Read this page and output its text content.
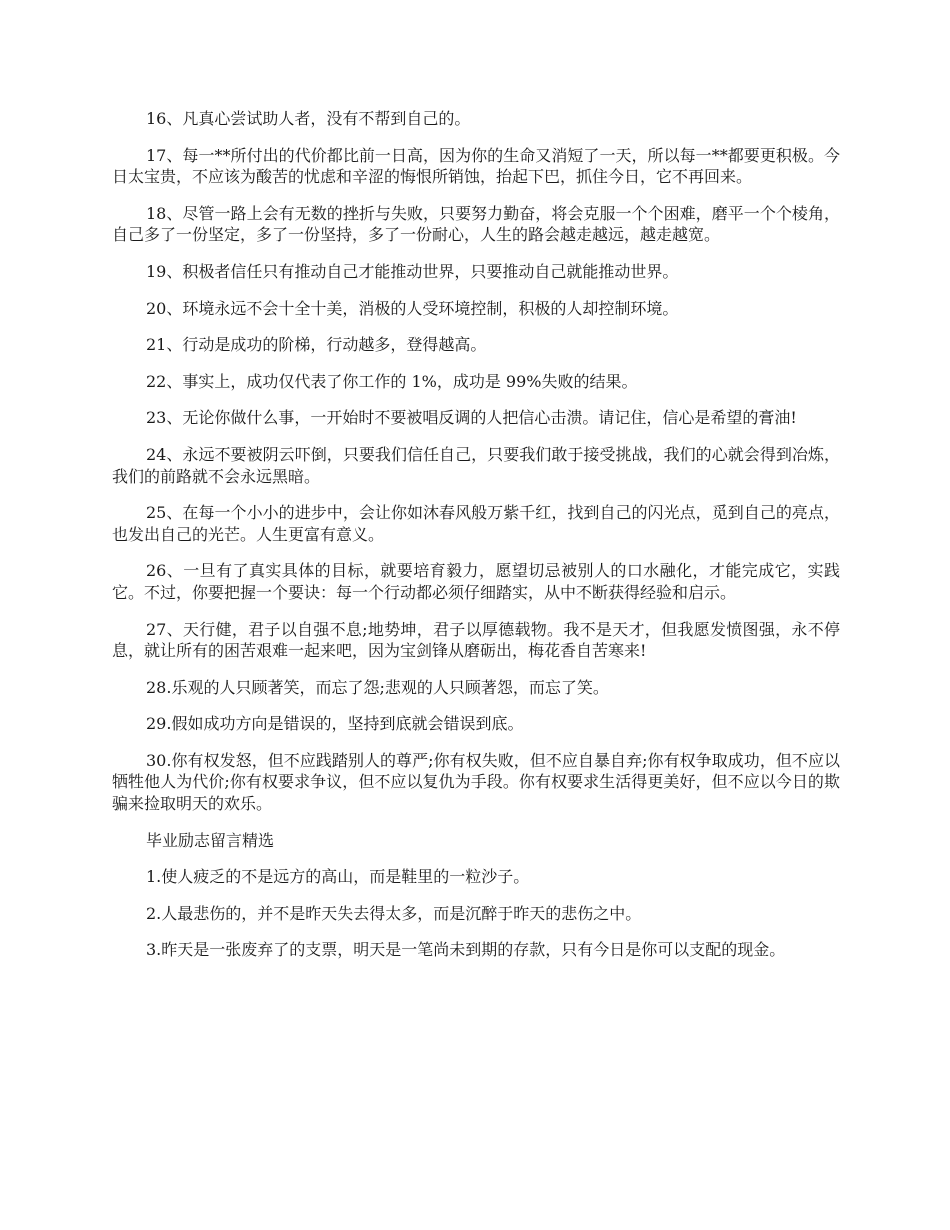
16、凡真心尝试助人者，没有不帮到自己的。

17、每一**所付出的代价都比前一日高，因为你的生命又消短了一天，所以每一**都要更积极。今日太宝贵，不应该为酸苦的忧虑和辛涩的悔恨所销蚀，抬起下巴，抓住今日，它不再回来。

18、尽管一路上会有无数的挫折与失败，只要努力勤奋，将会克服一个个困难，磨平一个个棱角，自己多了一份坚定，多了一份坚持，多了一份耐心，人生的路会越走越远，越走越宽。

19、积极者信任只有推动自己才能推动世界，只要推动自己就能推动世界。

20、环境永远不会十全十美，消极的人受环境控制，积极的人却控制环境。

21、行动是成功的阶梯，行动越多，登得越高。

22、事实上，成功仅代表了你工作的 1%，成功是 99%失败的结果。

23、无论你做什么事，一开始时不要被唱反调的人把信心击溃。请记住，信心是希望的膏油!

24、永远不要被阴云吓倒，只要我们信任自己，只要我们敢于接受挑战，我们的心就会得到冶炼，我们的前路就不会永远黑暗。

25、在每一个小小的进步中，会让你如沐春风般万紫千红，找到自己的闪光点，觅到自己的亮点，也发出自己的光芒。人生更富有意义。

26、一旦有了真实具体的目标，就要培育毅力，愿望切忌被别人的口水融化，才能完成它，实践它。不过，你要把握一个要诀：每一个行动都必须仔细踏实，从中不断获得经验和启示。

27、天行健，君子以自强不息;地势坤，君子以厚德载物。我不是天才，但我愿发愤图强，永不停息，就让所有的困苦艰难一起来吧，因为宝剑锋从磨砺出，梅花香自苦寒来!

28.乐观的人只顾著笑，而忘了怨;悲观的人只顾著怨，而忘了笑。

29.假如成功方向是错误的，坚持到底就会错误到底。

30.你有权发怒，但不应践踏别人的尊严;你有权失败，但不应自暴自弃;你有权争取成功，但不应以牺牲他人为代价;你有权要求争议，但不应以复仇为手段。你有权要求生活得更美好，但不应以今日的欺骗来捡取明天的欢乐。

毕业励志留言精选

1.使人疲乏的不是远方的高山，而是鞋里的一粒沙子。

2.人最悲伤的，并不是昨天失去得太多，而是沉醉于昨天的悲伤之中。

3.昨天是一张废弃了的支票，明天是一笔尚未到期的存款，只有今日是你可以支配的现金。
